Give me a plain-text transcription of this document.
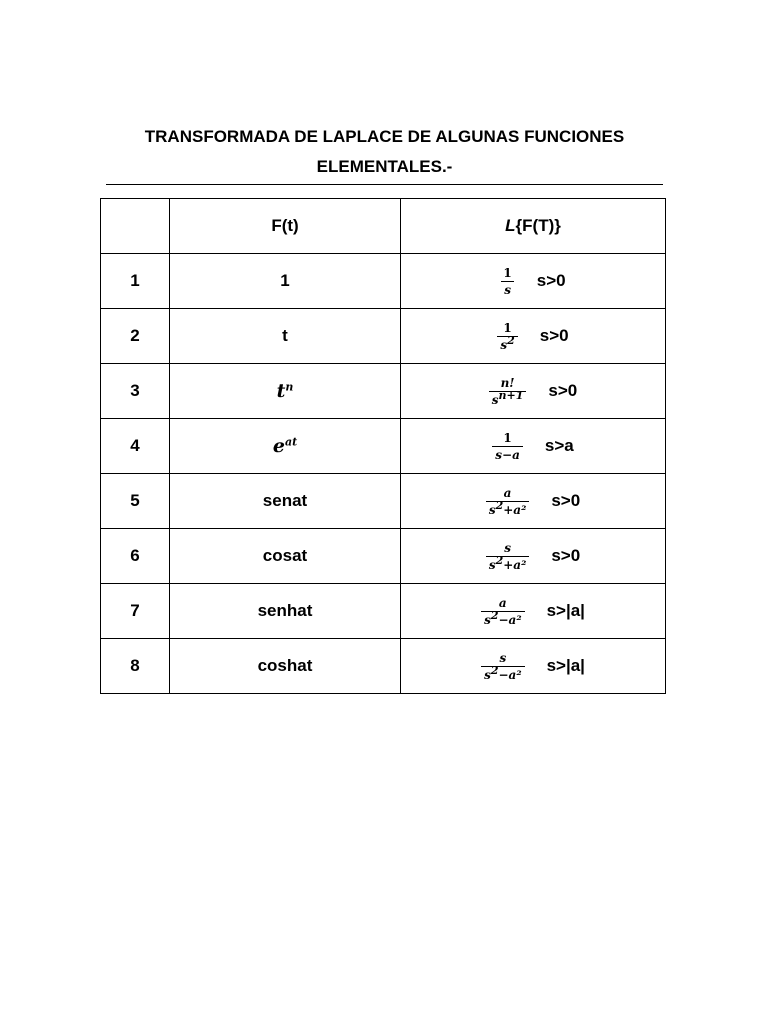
TRANSFORMADA DE LAPLACE DE ALGUNAS FUNCIONES
ELEMENTALES.-
	F(t)	L{F(T)}
1	1	$\frac{1}{s} s>0$
2	t	$\frac{1}{s^2} s>0$
3	$t^n$	$\frac{n!}{s^{n+1}} s>0$
4	$e^{at}$	$\frac{1}{s-a} s>a$
5	senat	$\frac{a}{s^2+a^2} s>0$
6	cosat	$\frac{s}{s^2+a^2} s>0$
7	senhat	$\frac{a}{s^2-a^2} s>|a|$
8	coshat	$\frac{s}{s^2-a^2} s>|a|$
